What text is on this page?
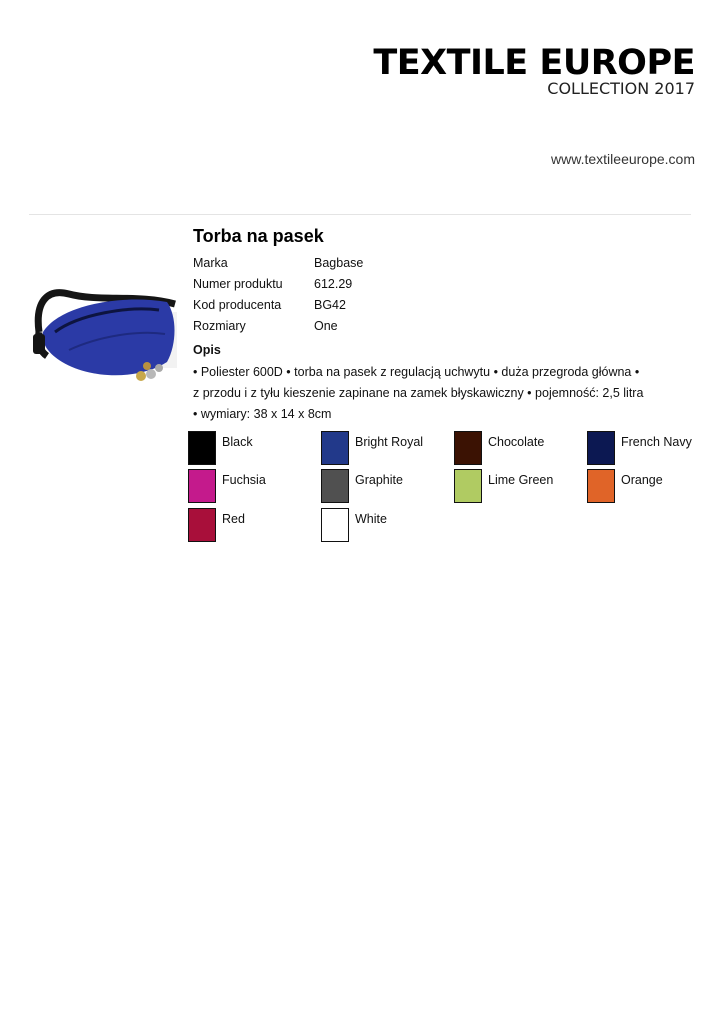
TEXTILE EUROPE
COLLECTION 2017
www.textileeurope.com
Torba na pasek
Marka	Bagbase
Numer produktu	612.29
Kod producenta	BG42
Rozmiary	One
Opis
• Poliester 600D • torba na pasek z regulacją uchwytu • duża przegroda główna • z przodu i z tyłu kieszenie zapinane na zamek błyskawiczny • pojemność: 2,5 litra • wymiary: 38 x 14 x 8cm
Black	Bright Royal	Chocolate	French Navy
Fuchsia	Graphite	Lime Green	Orange
Red	White
